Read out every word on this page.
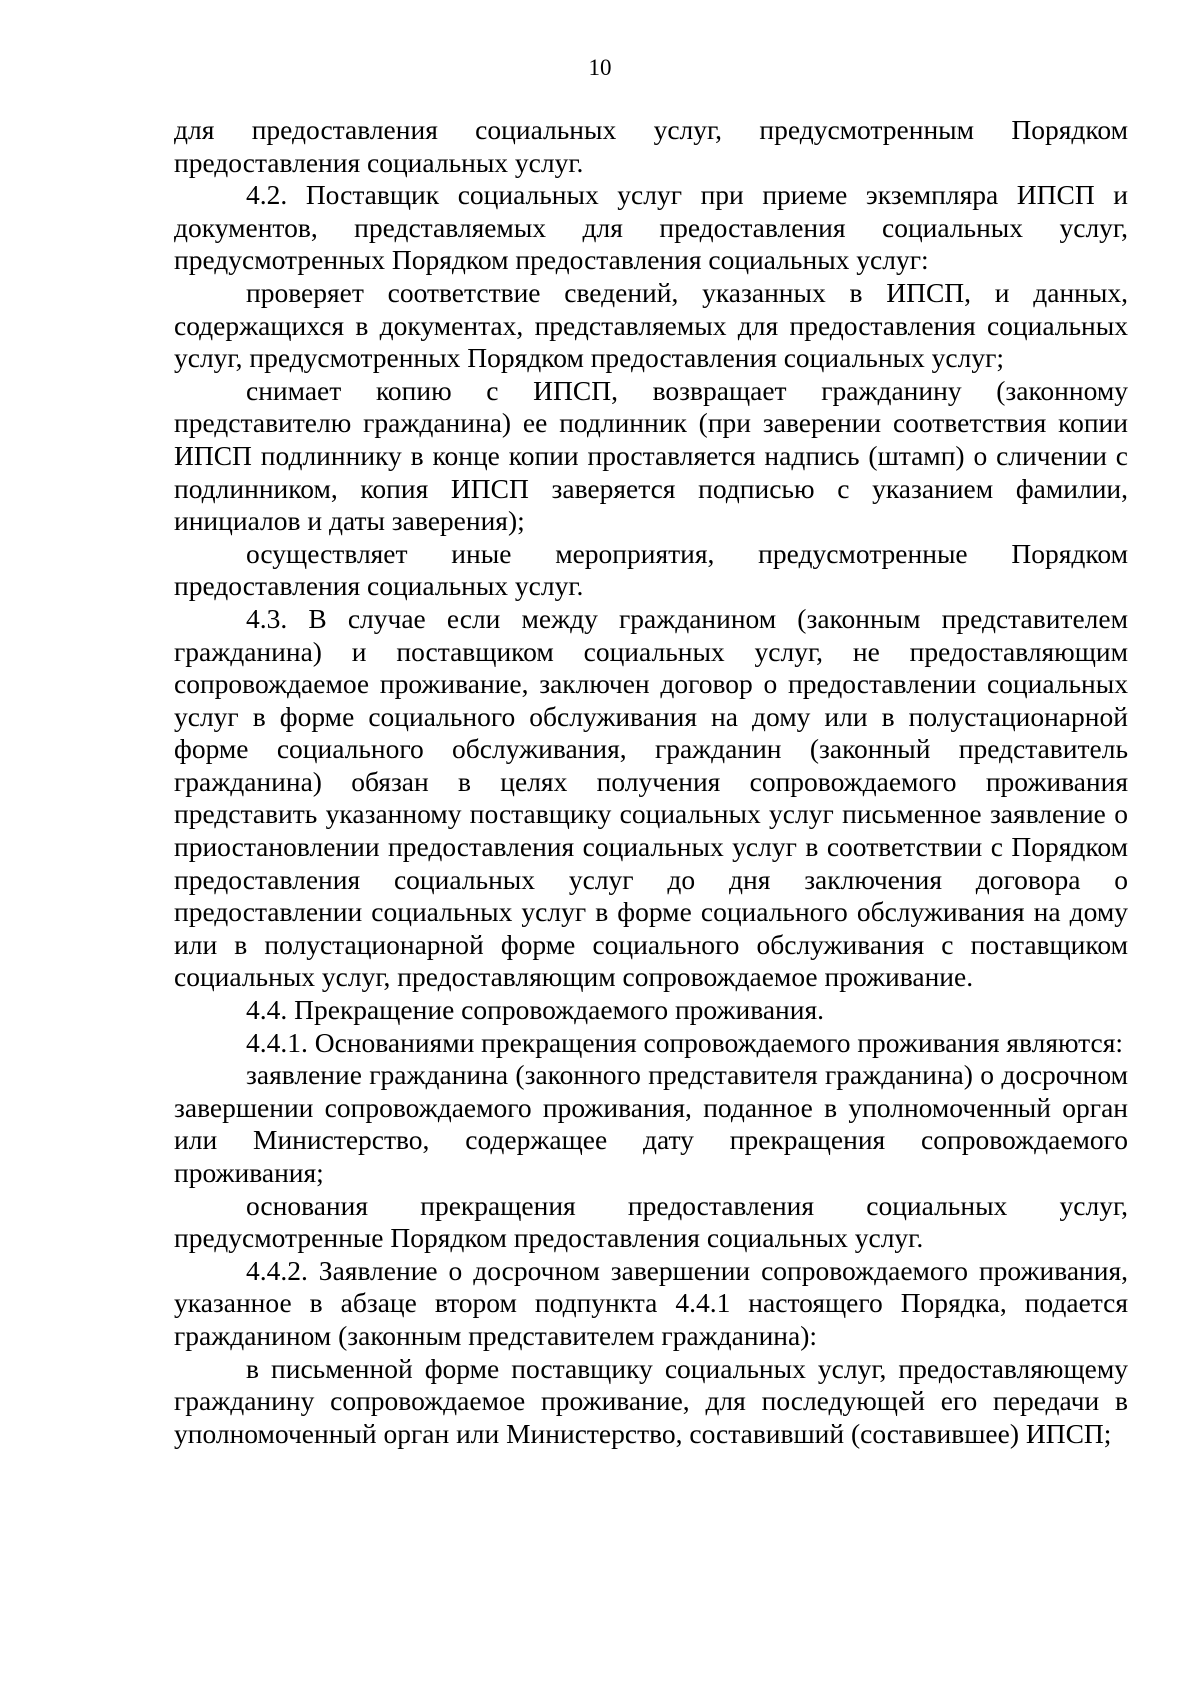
10

для предоставления социальных услуг, предусмотренным Порядком предоставления социальных услуг.

4.2. Поставщик социальных услуг при приеме экземпляра ИПСП и документов, представляемых для предоставления социальных услуг, предусмотренных Порядком предоставления социальных услуг:

проверяет соответствие сведений, указанных в ИПСП, и данных, содержащихся в документах, представляемых для предоставления социальных услуг, предусмотренных Порядком предоставления социальных услуг;

снимает копию с ИПСП, возвращает гражданину (законному представителю гражданина) ее подлинник (при заверении соответствия копии ИПСП подлиннику в конце копии проставляется надпись (штамп) о сличении с подлинником, копия ИПСП заверяется подписью с указанием фамилии, инициалов и даты заверения);

осуществляет иные мероприятия, предусмотренные Порядком предоставления социальных услуг.

4.3. В случае если между гражданином (законным представителем гражданина) и поставщиком социальных услуг, не предоставляющим сопровождаемое проживание, заключен договор о предоставлении социальных услуг в форме социального обслуживания на дому или в полустационарной форме социального обслуживания, гражданин (законный представитель гражданина) обязан в целях получения сопровождаемого проживания представить указанному поставщику социальных услуг письменное заявление о приостановлении предоставления социальных услуг в соответствии с Порядком предоставления социальных услуг до дня заключения договора о предоставлении социальных услуг в форме социального обслуживания на дому или в полустационарной форме социального обслуживания с поставщиком социальных услуг, предоставляющим сопровождаемое проживание.

4.4. Прекращение сопровождаемого проживания.

4.4.1. Основаниями прекращения сопровождаемого проживания являются:

заявление гражданина (законного представителя гражданина) о досрочном завершении сопровождаемого проживания, поданное в уполномоченный орган или Министерство, содержащее дату прекращения сопровождаемого проживания;

основания прекращения предоставления социальных услуг, предусмотренные Порядком предоставления социальных услуг.

4.4.2. Заявление о досрочном завершении сопровождаемого проживания, указанное в абзаце втором подпункта 4.4.1 настоящего Порядка, подается гражданином (законным представителем гражданина):

в письменной форме поставщику социальных услуг, предоставляющему гражданину сопровождаемое проживание, для последующей его передачи в уполномоченный орган или Министерство, составивший (составившее) ИПСП;
